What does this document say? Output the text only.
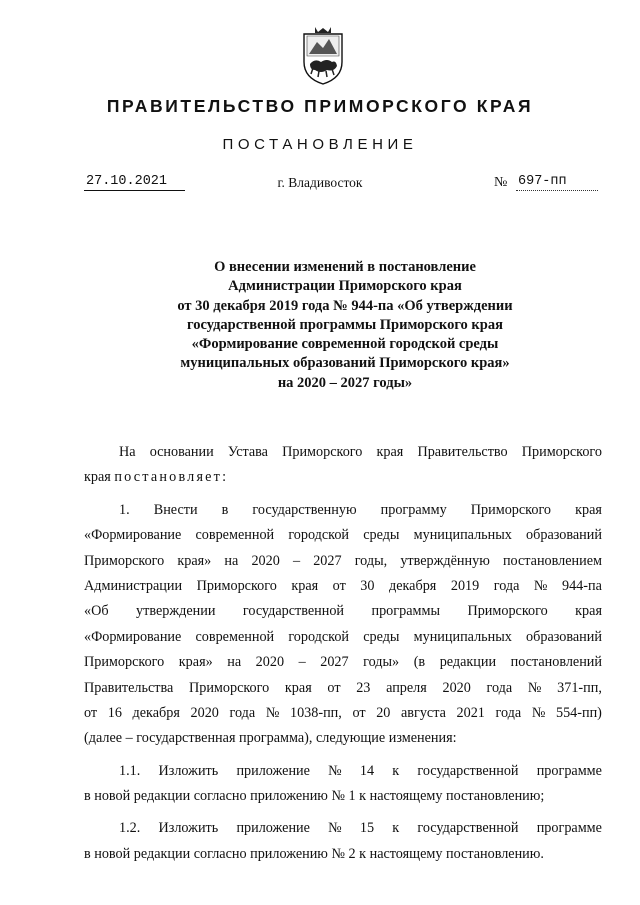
ПРАВИТЕЛЬСТВО ПРИМОРСКОГО КРАЯ
ПОСТАНОВЛЕНИЕ
27.10.2021	г. Владивосток	№ 697-пп
О внесении изменений в постановление
Администрации Приморского края
от 30 декабря 2019 года № 944-па «Об утверждении
государственной программы Приморского края
«Формирование современной городской среды
муниципальных образований Приморского края»
на 2020 – 2027 годы»
На основании Устава Приморского края Правительство Приморского
края постановляет:
1. Внести в государственную программу Приморского края
«Формирование современной городской среды муниципальных образований
Приморского края» на 2020 – 2027 годы, утверждённую постановлением
Администрации Приморского края от 30 декабря 2019 года № 944-па
«Об утверждении государственной программы Приморского края
«Формирование современной городской среды муниципальных образований
Приморского края» на 2020 – 2027 годы» (в редакции постановлений
Правительства Приморского края от 23 апреля 2020 года № 371-пп,
от 16 декабря 2020 года № 1038-пп, от 20 августа 2021 года № 554-пп)
(далее – государственная программа), следующие изменения:
1.1. Изложить приложение № 14 к государственной программе
в новой редакции согласно приложению № 1 к настоящему постановлению;
1.2. Изложить приложение № 15 к государственной программе
в новой редакции согласно приложению № 2 к настоящему постановлению.
